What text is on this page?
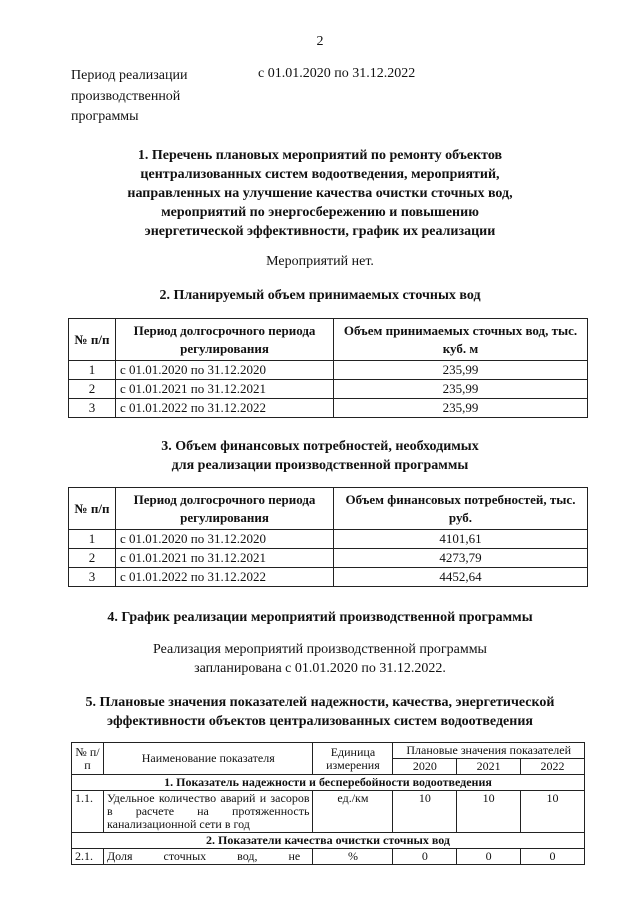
2
Период реализации производственной программы
с 01.01.2020 по 31.12.2022
1. Перечень плановых мероприятий по ремонту объектов централизованных систем водоотведения, мероприятий, направленных на улучшение качества очистки сточных вод, мероприятий по энергосбережению и повышению энергетической эффективности, график их реализации
Мероприятий нет.
2. Планируемый объем принимаемых сточных вод
№ п/п	Период долгосрочного периода регулирования	Объем принимаемых сточных вод, тыс. куб. м
1	с 01.01.2020 по 31.12.2020	235,99
2	с 01.01.2021 по 31.12.2021	235,99
3	с 01.01.2022 по 31.12.2022	235,99
3. Объем финансовых потребностей, необходимых для реализации производственной программы
№ п/п	Период долгосрочного периода регулирования	Объем финансовых потребностей, тыс. руб.
1	с 01.01.2020 по 31.12.2020	4101,61
2	с 01.01.2021 по 31.12.2021	4273,79
3	с 01.01.2022 по 31.12.2022	4452,64
4. График реализации мероприятий производственной программы
Реализация мероприятий производственной программы
запланирована с 01.01.2020 по 31.12.2022.
5. Плановые значения показателей надежности, качества, энергетической эффективности объектов централизованных систем водоотведения
№ п/п	Наименование показателя	Единица измерения	Плановые значения показателей		
			2020	2021	2022
1. Показатель надежности и бесперебойности водоотведения					
1.1.	Удельное количество аварий и засоров в расчете на протяженность канализационной сети в год	ед./км	10	10	10
2. Показатели качества очистки сточных вод					
2.1.	Доля сточных вод, не	%	0	0	0
